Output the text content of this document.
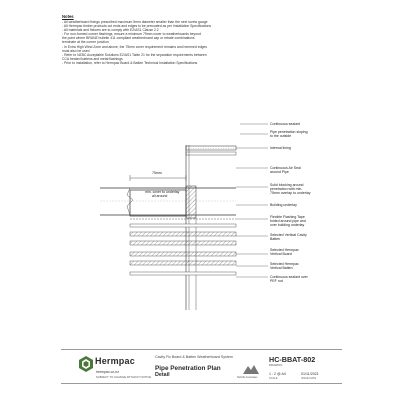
Notes
- All weatherboard fixings prescribed maximum 5mm diameter smaller than the next screw gauge
- All Hermpac timber products cut ends and edges to be precoated as per Installation Specifications
- All materials and fixtures are to comply with E2/AS1 Clause 2.2
- For non-formed corner flashings, ensure a minimum 75mm cover to weatherboards beyond
the point where BRANZ bulletin 411 compliant weatherboard cap or rebate combinations
terminate at the corner junction
- In Extra High Wind Zone and above, the 75mm cover requirement remains and hemmed edges
must also be used
- Refer to NZBC Acceptable Solutions E2/AS1 Table 21 for the separation requirements between
CCA treated battens and metal flashings
- Prior to installation, refer to Hermpac Board & Batten Technical Installation Specifications
75mm
min. cover to underlay
all around
Continuous sealant
Pipe penetration sloping
to the outside
Internal lining
Continuous Air Seal
around Pipe
Solid blocking around
penetration with min.
75mm overlap to underlay
Building underlay
Flexible Flashing Tape
folded around pipe and
over building underlay
Selected Vertical Cavity
Batten
Selected Hermpac
Vertical Board
Selected Hermpac
Vertical Batten
Continuous sealant over
PEF rod
Hermpac
hermpac.co.nz
SUBJECT TO CHANGE WITHOUT NOTICE
Cavity Fix Board & Batten Weatherboard System
Pipe Penetration Plan
Detail	Nicholls Associates
HC-BBAT-802
DRAWING
1 : 2 @ A4
SCALE
01/11/2021
ISSUE DATE
